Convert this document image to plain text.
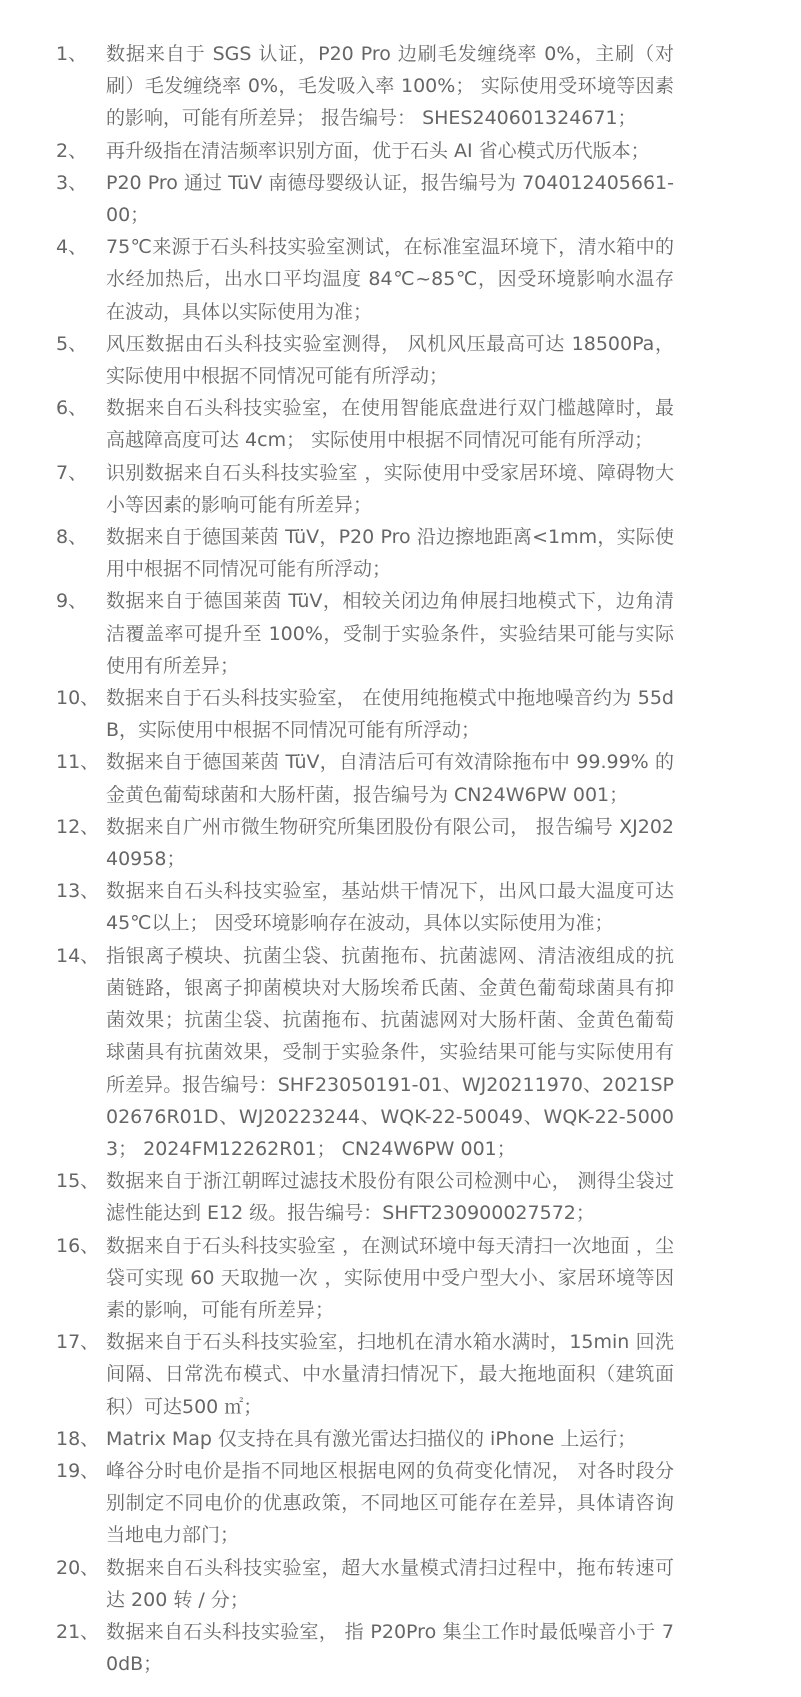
1、 数据来自于 SGS 认证，P20 Pro 边刷毛发缠绕率 0%，主刷（对刷）毛发缠绕率 0%，毛发吸入率 100%； 实际使用受环境等因素的影响，可能有所差异； 报告编号： SHES240601324671；
2、 再升级指在清洁频率识别方面，优于石头 AI 省心模式历代版本；
3、 P20 Pro 通过 TüV 南德母婴级认证，报告编号为 704012405661-00；
4、 75℃来源于石头科技实验室测试，在标准室温环境下，清水箱中的水经加热后，出水口平均温度 84℃~85℃，因受环境影响水温存在波动，具体以实际使用为准；
5、 风压数据由石头科技实验室测得， 风机风压最高可达 18500Pa，实际使用中根据不同情况可能有所浮动；
6、 数据来自石头科技实验室，在使用智能底盘进行双门槛越障时，最高越障高度可达 4cm； 实际使用中根据不同情况可能有所浮动；
7、 识别数据来自石头科技实验室 ，实际使用中受家居环境、障碍物大小等因素的影响可能有所差异；
8、 数据来自于德国莱茵 TüV，P20 Pro 沿边擦地距离<1mm，实际使用中根据不同情况可能有所浮动；
9、 数据来自于德国莱茵 TüV，相较关闭边角伸展扫地模式下，边角清洁覆盖率可提升至 100%，受制于实验条件，实验结果可能与实际使用有所差异；
10、 数据来自于石头科技实验室， 在使用纯拖模式中拖地噪音约为 55dB，实际使用中根据不同情况可能有所浮动；
11、 数据来自于德国莱茵 TüV，自清洁后可有效清除拖布中 99.99% 的金黄色葡萄球菌和大肠杆菌，报告编号为 CN24W6PW 001；
12、 数据来自广州市微生物研究所集团股份有限公司， 报告编号 XJ20240958；
13、 数据来自石头科技实验室，基站烘干情况下，出风口最大温度可达 45℃以上； 因受环境影响存在波动，具体以实际使用为准；
14、 指银离子模块、抗菌尘袋、抗菌拖布、抗菌滤网、清洁液组成的抗菌链路，银离子抑菌模块对大肠埃希氏菌、金黄色葡萄球菌具有抑菌效果；抗菌尘袋、抗菌拖布、抗菌滤网对大肠杆菌、金黄色葡萄球菌具有抗菌效果，受制于实验条件，实验结果可能与实际使用有所差异。报告编号：SHF23050191-01、WJ20211970、2021SP02676R01D、WJ20223244、WQK-22-50049、WQK-22-50003； 2024FM12262R01； CN24W6PW 001；
15、 数据来自于浙江朝晖过滤技术股份有限公司检测中心， 测得尘袋过滤性能达到 E12 级。报告编号：SHFT230900027572；
16、 数据来自于石头科技实验室 ，在测试环境中每天清扫一次地面 ，尘袋可实现 60 天取抛一次 ，实际使用中受户型大小、家居环境等因素的影响，可能有所差异；
17、 数据来自于石头科技实验室，扫地机在清水箱水满时，15min 回洗间隔、日常洗布模式、中水量清扫情况下，最大拖地面积（建筑面积）可达500 ㎡；
18、 Matrix Map 仅支持在具有激光雷达扫描仪的 iPhone 上运行；
19、 峰谷分时电价是指不同地区根据电网的负荷变化情况， 对各时段分别制定不同电价的优惠政策，不同地区可能存在差异，具体请咨询当地电力部门；
20、 数据来自石头科技实验室，超大水量模式清扫过程中，拖布转速可达 200 转 / 分；
21、 数据来自石头科技实验室， 指 P20Pro 集尘工作时最低噪音小于 70dB；
